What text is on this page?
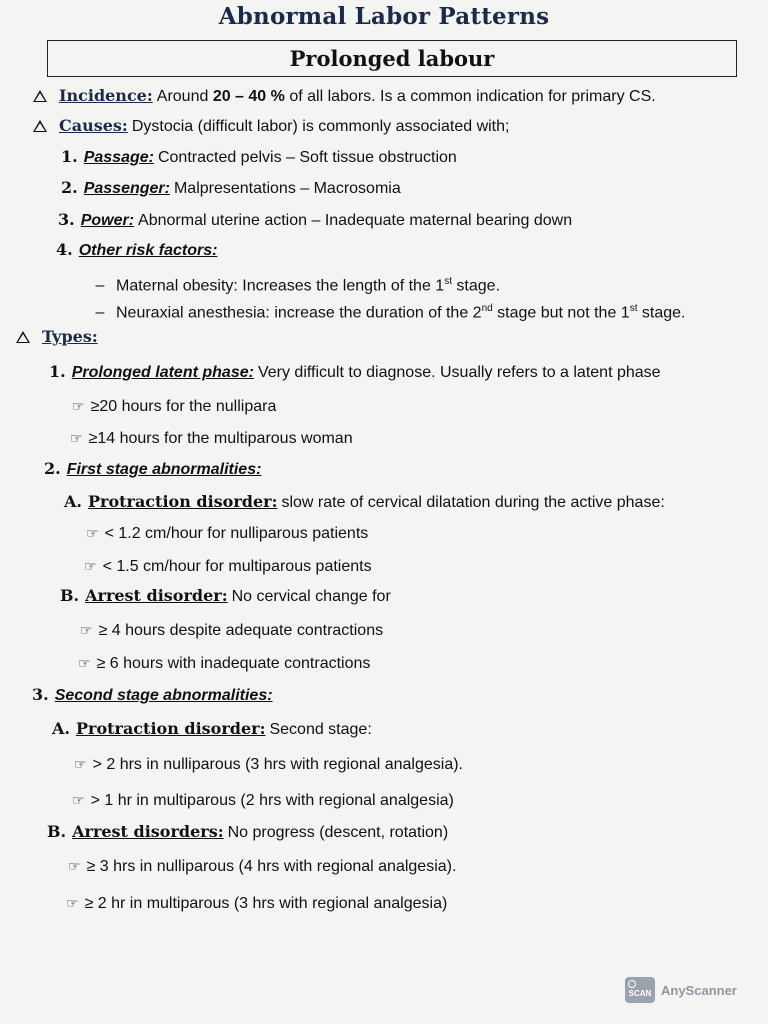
Abnormal Labor Patterns
Prolonged labour
Incidence: Around 20 – 40 % of all labors. Is a common indication for primary CS.
Causes: Dystocia (difficult labor) is commonly associated with;
1. Passage: Contracted pelvis – Soft tissue obstruction
2. Passenger: Malpresentations – Macrosomia
3. Power: Abnormal uterine action – Inadequate maternal bearing down
4. Other risk factors:
– Maternal obesity: Increases the length of the 1st stage.
– Neuraxial anesthesia: increase the duration of the 2nd stage but not the 1st stage.
Types:
1. Prolonged latent phase: Very difficult to diagnose. Usually refers to a latent phase
☞ ≥20 hours for the nullipara
☞ ≥14 hours for the multiparous woman
2. First stage abnormalities:
A. Protraction disorder: slow rate of cervical dilatation during the active phase:
☞ < 1.2 cm/hour for nulliparous patients
☞ < 1.5 cm/hour for multiparous patients
B. Arrest disorder: No cervical change for
☞ ≥ 4 hours despite adequate contractions
☞ ≥ 6 hours with inadequate contractions
3. Second stage abnormalities:
A. Protraction disorder: Second stage:
☞ > 2 hrs in nulliparous (3 hrs with regional analgesia).
☞ > 1 hr in multiparous (2 hrs with regional analgesia)
B. Arrest disorders: No progress (descent, rotation)
☞ ≥ 3 hrs in nulliparous (4 hrs with regional analgesia).
☞ ≥ 2 hr in multiparous (3 hrs with regional analgesia)
SCAN AnyScanner
